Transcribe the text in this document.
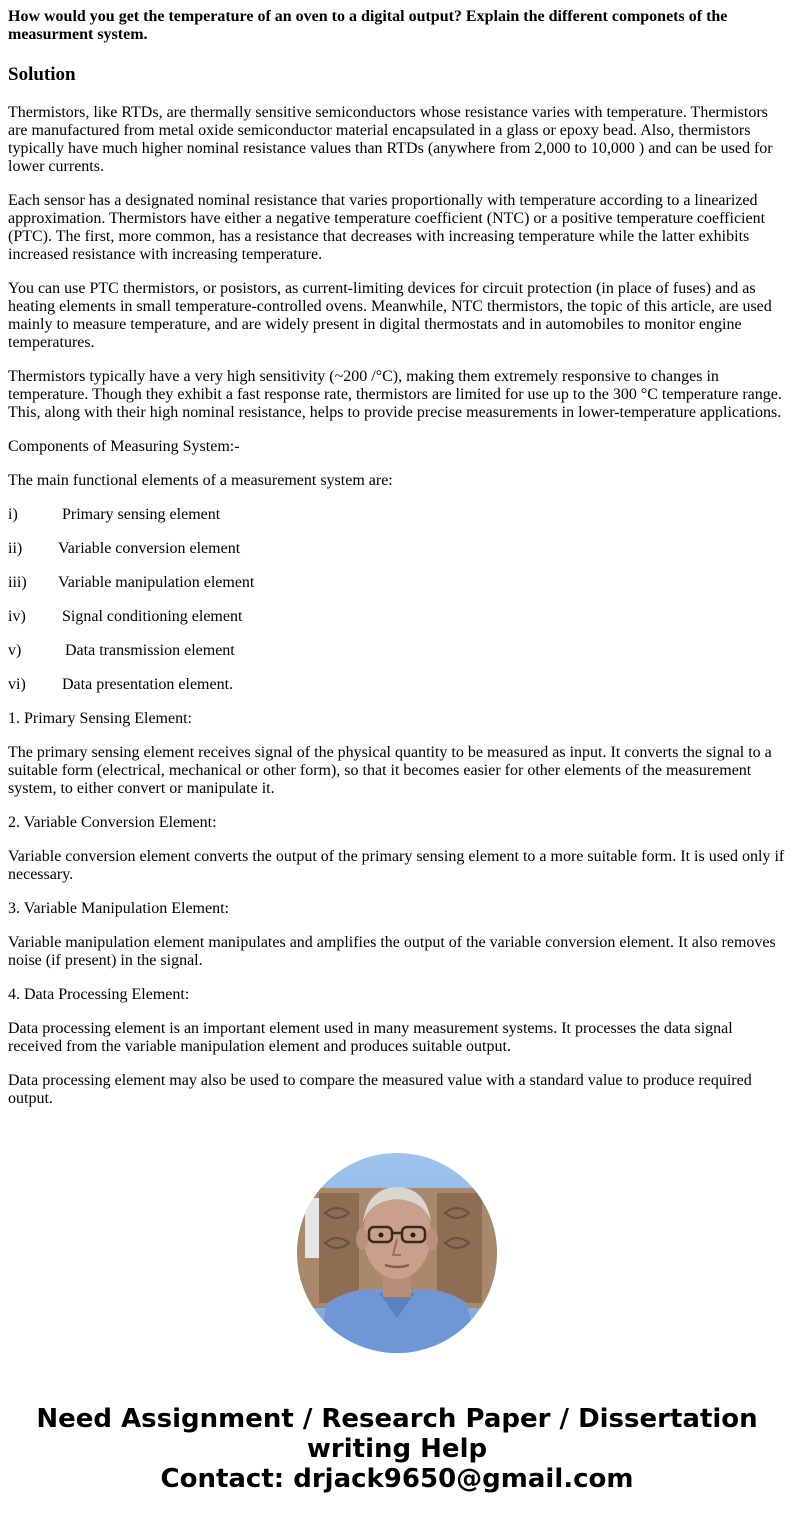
How would you get the temperature of an oven to a digital output? Explain the different componets of the measurment system.

Solution

Thermistors, like RTDs, are thermally sensitive semiconductors whose resistance varies with temperature. Thermistors are manufactured from metal oxide semiconductor material encapsulated in a glass or epoxy bead. Also, thermistors typically have much higher nominal resistance values than RTDs (anywhere from 2,000 to 10,000 ) and can be used for lower currents.

Each sensor has a designated nominal resistance that varies proportionally with temperature according to a linearized approximation. Thermistors have either a negative temperature coefficient (NTC) or a positive temperature coefficient (PTC). The first, more common, has a resistance that decreases with increasing temperature while the latter exhibits increased resistance with increasing temperature.

You can use PTC thermistors, or posistors, as current-limiting devices for circuit protection (in place of fuses) and as heating elements in small temperature-controlled ovens. Meanwhile, NTC thermistors, the topic of this article, are used mainly to measure temperature, and are widely present in digital thermostats and in automobiles to monitor engine temperatures.

Thermistors typically have a very high sensitivity (~200 /°C), making them extremely responsive to changes in temperature. Though they exhibit a fast response rate, thermistors are limited for use up to the 300 °C temperature range. This, along with their high nominal resistance, helps to provide precise measurements in lower-temperature applications.

Components of Measuring System:-

The main functional elements of a measurement system are:

i)	Primary sensing element

ii) Variable conversion element

iii) Variable manipulation element

iv) Signal conditioning element

v)	Data transmission element

vi) Data presentation element.

1. Primary Sensing Element:

The primary sensing element receives signal of the physical quantity to be measured as input. It converts the signal to a suitable form (electrical, mechanical or other form), so that it becomes easier for other elements of the measurement system, to either convert or manipulate it.

2. Variable Conversion Element:

Variable conversion element converts the output of the primary sensing element to a more suitable form. It is used only if necessary.

3. Variable Manipulation Element:

Variable manipulation element manipulates and amplifies the output of the variable conversion element. It also removes noise (if present) in the signal.

4. Data Processing Element:

Data processing element is an important element used in many measurement systems. It processes the data signal received from the variable manipulation element and produces suitable output.

Data processing element may also be used to compare the measured value with a standard value to produce required output.

Need Assignment / Research Paper / Dissertation
writing Help
Contact: drjack9650@gmail.com
